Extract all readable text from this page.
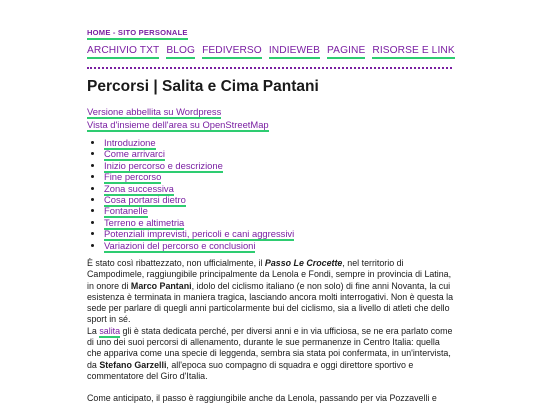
HOME - SITO PERSONALE
ARCHIVIO TXT BLOG FEDIVERSO INDIEWEB PAGINE RISORSE E LINK
Percorsi | Salita e Cima Pantani
Versione abbellita su Wordpress
Vista d'insieme dell'area su OpenStreetMap
• Introduzione
• Come arrivarci
• Inizio percorso e descrizione
• Fine percorso
• Zona successiva
• Cosa portarsi dietro
• Fontanelle
• Terreno e altimetria
• Potenziali imprevisti, pericoli e cani aggressivi
• Variazioni del percorso e conclusioni

È stato così ribattezzato, non ufficialmente, il Passo Le Crocette, nel territorio di Campodimele, raggiungibile principalmente da Lenola e Fondi, sempre in provincia di Latina, in onore di Marco Pantani, idolo del ciclismo italiano (e non solo) di fine anni Novanta, la cui esistenza è terminata in maniera tragica, lasciando ancora molti interrogativi. Non è questa la sede per parlare di quegli anni particolarmente bui del ciclismo, sia a livello di atleti che dello sport in sé.

La salita gli è stata dedicata perché, per diversi anni e in via ufficiosa, se ne era parlato come di uno dei suoi percorsi di allenamento, durante le sue permanenze in Centro Italia: quella che appariva come una specie di leggenda, sembra sia stata poi confermata, in un'intervista, da Stefano Garzelli, all'epoca suo compagno di squadra e oggi direttore sportivo e commentatore del Giro d'Italia.

Come anticipato, il passo è raggiungibile anche da Lenola, passando per via Pozzavelli e
